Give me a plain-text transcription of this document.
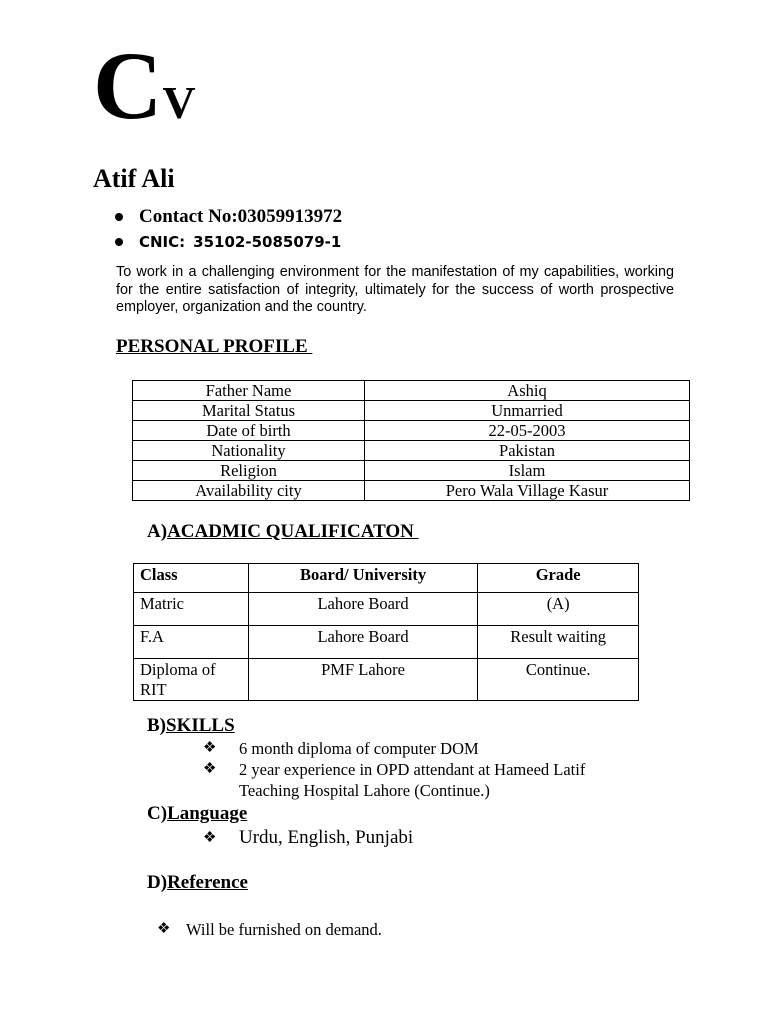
CV
Atif Ali
Contact No:03059913972
CNIC: 35102-5085079-1
To work in a challenging environment for the manifestation of my capabilities, working for the entire satisfaction of integrity, ultimately for the success of worth prospective employer, organization and the country.
PERSONAL PROFILE
Father Name	Ashiq
Marital Status	Unmarried
Date of birth	22-05-2003
Nationality	Pakistan
Religion	Islam
Availability city	Pero Wala Village Kasur
A)ACADMIC QUALIFICATON
Class	Board/ University	Grade
Matric	Lahore Board	(A)
F.A	Lahore Board	Result waiting
Diploma of RIT	PMF Lahore	Continue.
B)SKILLS
❖	6 month diploma of computer DOM
❖	2 year experience in OPD attendant at Hameed Latif Teaching Hospital Lahore (Continue.)
C)Language
❖	Urdu, English, Punjabi
D)Reference
❖ Will be furnished on demand.
